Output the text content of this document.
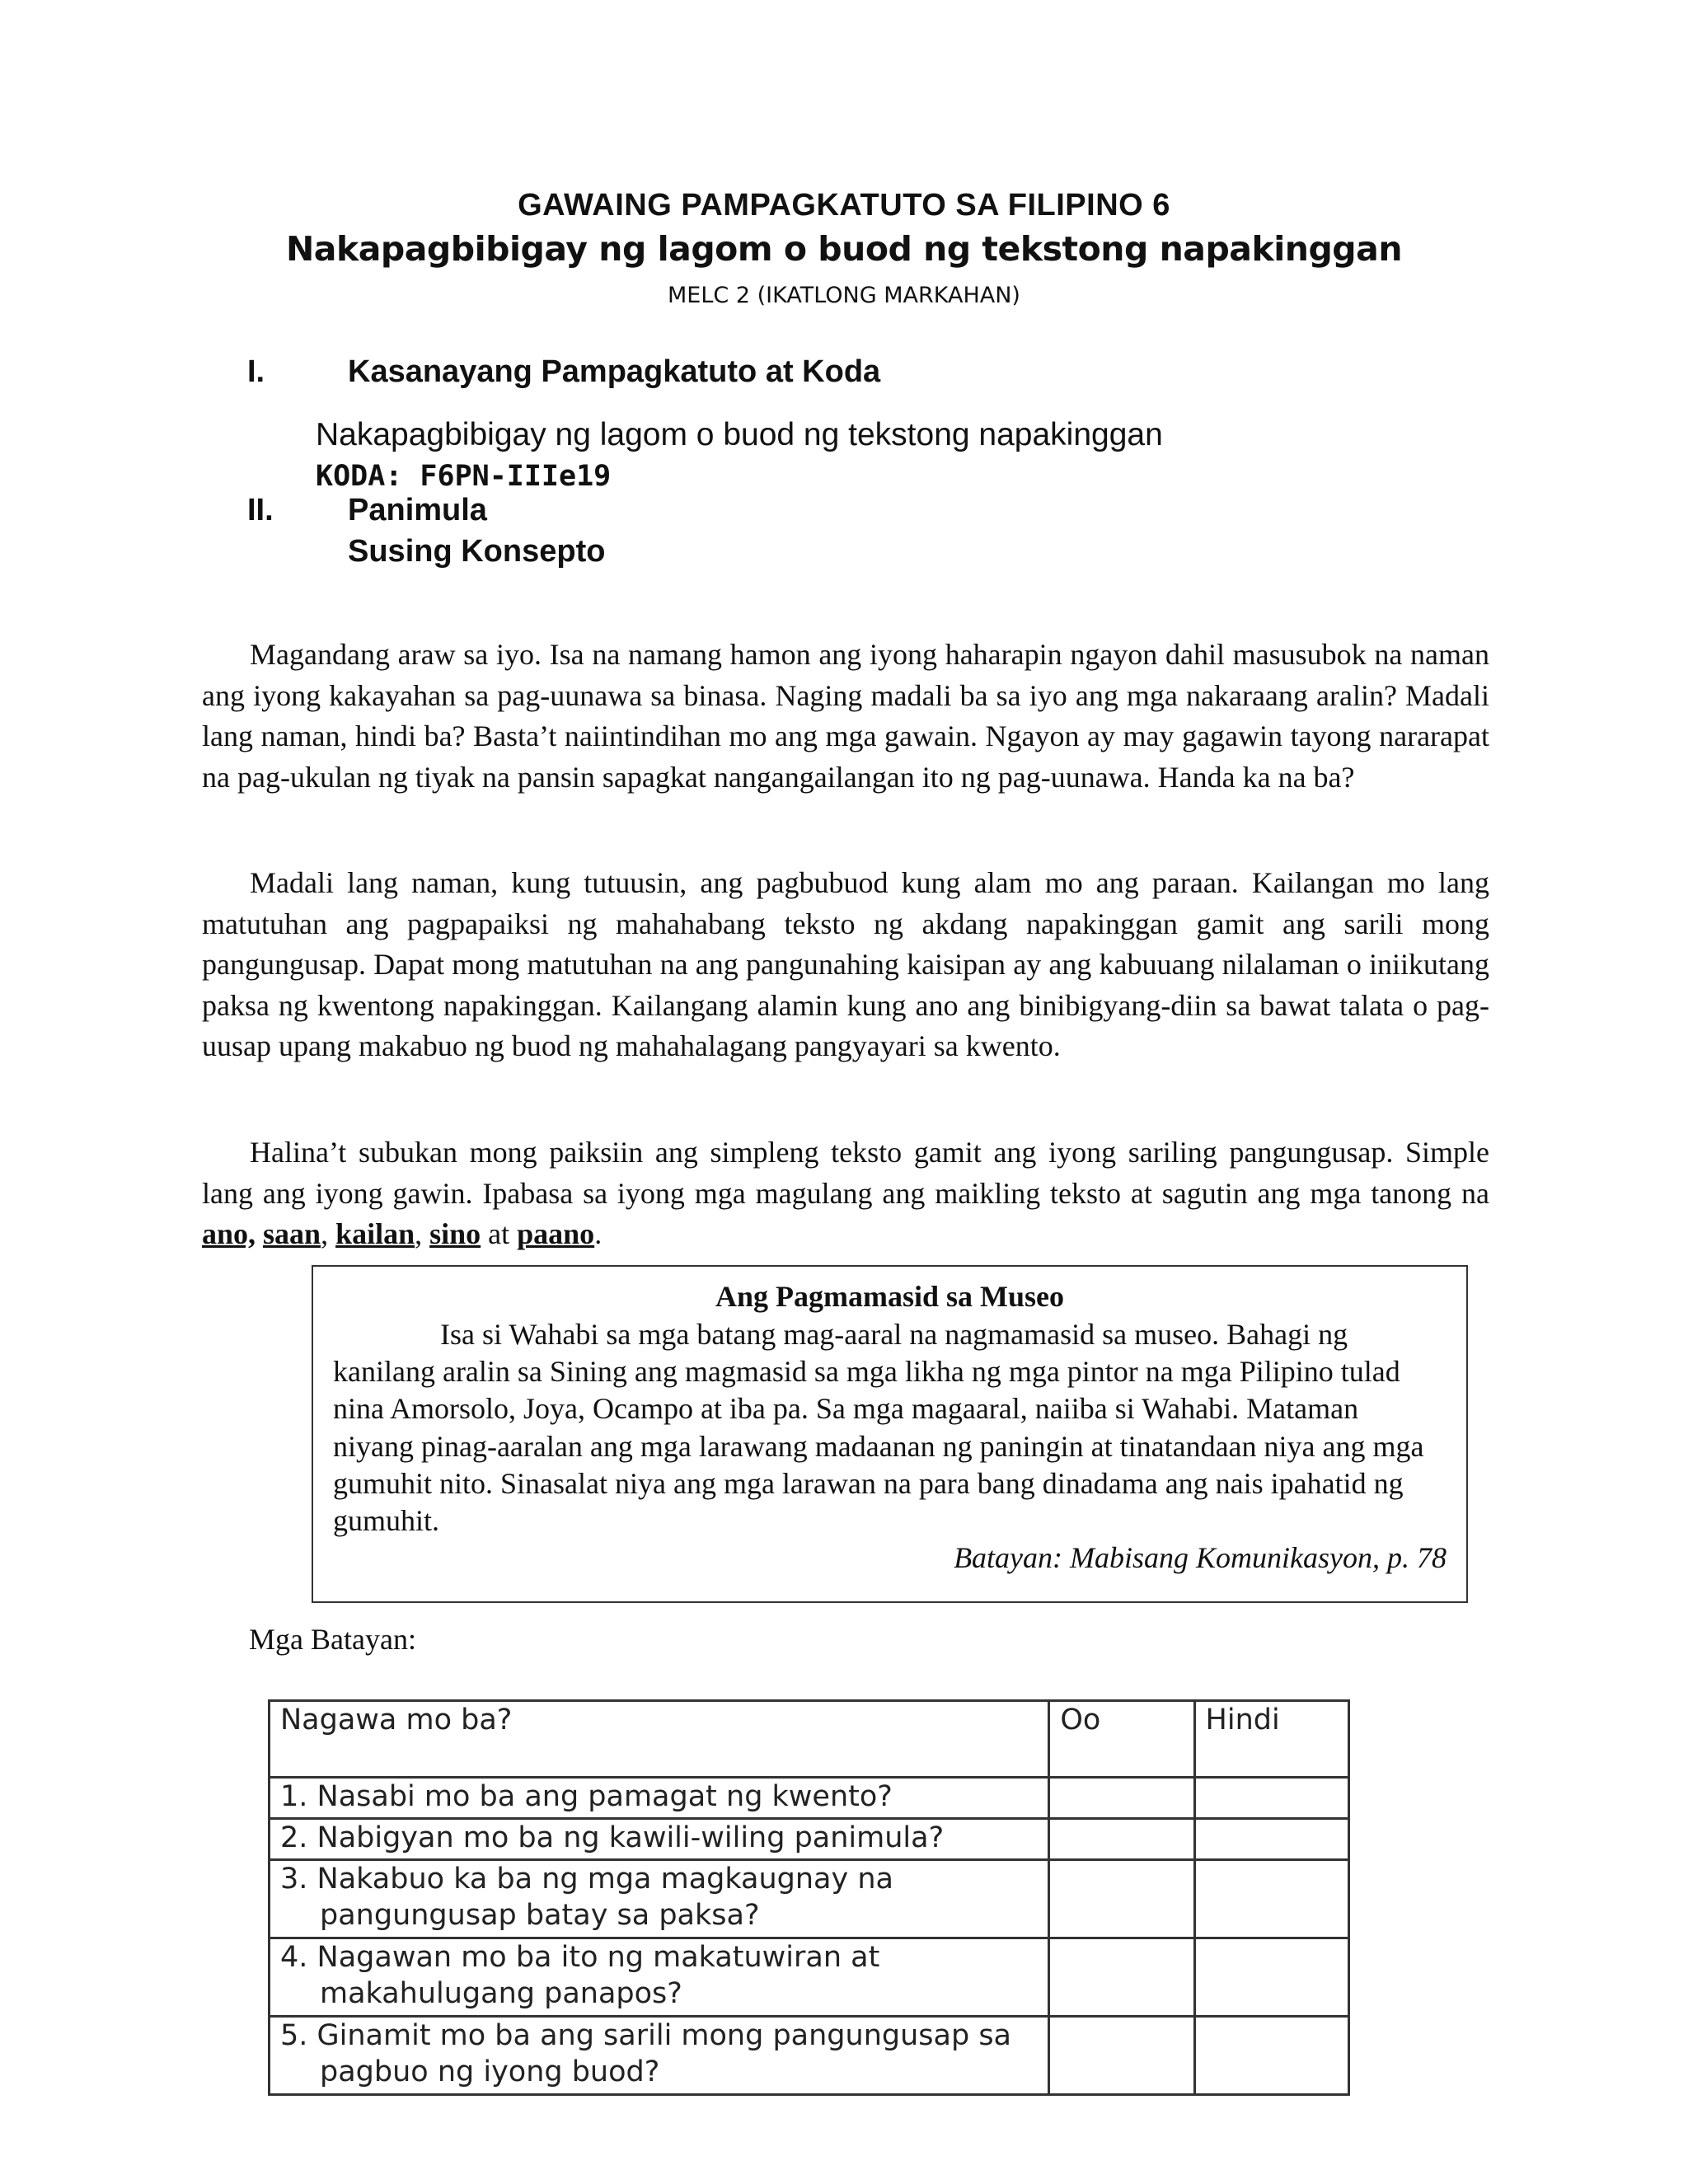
GAWAING PAMPAGKATUTO SA FILIPINO 6
Nakapagbibigay ng lagom o buod ng tekstong napakinggan
MELC 2 (IKATLONG MARKAHAN)
I.	Kasanayang Pampagkatuto at Koda
Nakapagbibigay ng lagom o buod ng tekstong napakinggan
KODA: F6PN-IIIe19
II. Panimula
Susing Konsepto

Magandang araw sa iyo. Isa na namang hamon ang iyong haharapin ngayon dahil masusubok na naman ang iyong kakayahan sa pag-uunawa sa binasa. Naging madali ba sa iyo ang mga nakaraang aralin? Madali lang naman, hindi ba? Basta’t naiintindihan mo ang mga gawain. Ngayon ay may gagawin tayong nararapat na pag-ukulan ng tiyak na pansin sapagkat nangangailangan ito ng pag-uunawa. Handa ka na ba?

Madali lang naman, kung tutuusin, ang pagbubuod kung alam mo ang paraan. Kailangan mo lang matutuhan ang pagpapaiksi ng mahahabang teksto ng akdang napakinggan gamit ang sarili mong pangungusap. Dapat mong matutuhan na ang pangunahing kaisipan ay ang kabuuang nilalaman o iniikutang paksa ng kwentong napakinggan. Kailangang alamin kung ano ang binibigyang-diin sa bawat talata o pag-uusap upang makabuo ng buod ng mahahalagang pangyayari sa kwento.

Halina’t subukan mong paiksiin ang simpleng teksto gamit ang iyong sariling pangungusap. Simple lang ang iyong gawin. Ipabasa sa iyong mga magulang ang maikling teksto at sagutin ang mga tanong na ano, saan, kailan, sino at paano.

Ang Pagmamasid sa Museo

Isa si Wahabi sa mga batang mag-aaral na nagmamasid sa museo. Bahagi ng kanilang aralin sa Sining ang magmasid sa mga likha ng mga pintor na mga Pilipino tulad nina Amorsolo, Joya, Ocampo at iba pa. Sa mga magaaral, naiiba si Wahabi. Mataman niyang pinag-aaralan ang mga larawang madaanan ng paningin at tinatandaan niya ang mga gumuhit nito. Sinasalat niya ang mga larawan na para bang dinadama ang nais ipahatid ng gumuhit.

Batayan: Mabisang Komunikasyon, p. 78
Mga Batayan:
Nagawa mo ba?	Oo	Hindi

1. Nasabi mo ba ang pamagat ng kwento?		

2. Nabigyan mo ba ng kawili-wiling panimula?		

3. Nakabuo ka ba ng mga magkaugnay na pangungusap batay sa paksa?		

4. Nagawan mo ba ito ng makatuwiran at makahulugang panapos?		

5. Ginamit mo ba ang sarili mong pangungusap sa pagbuo ng iyong buod?		
